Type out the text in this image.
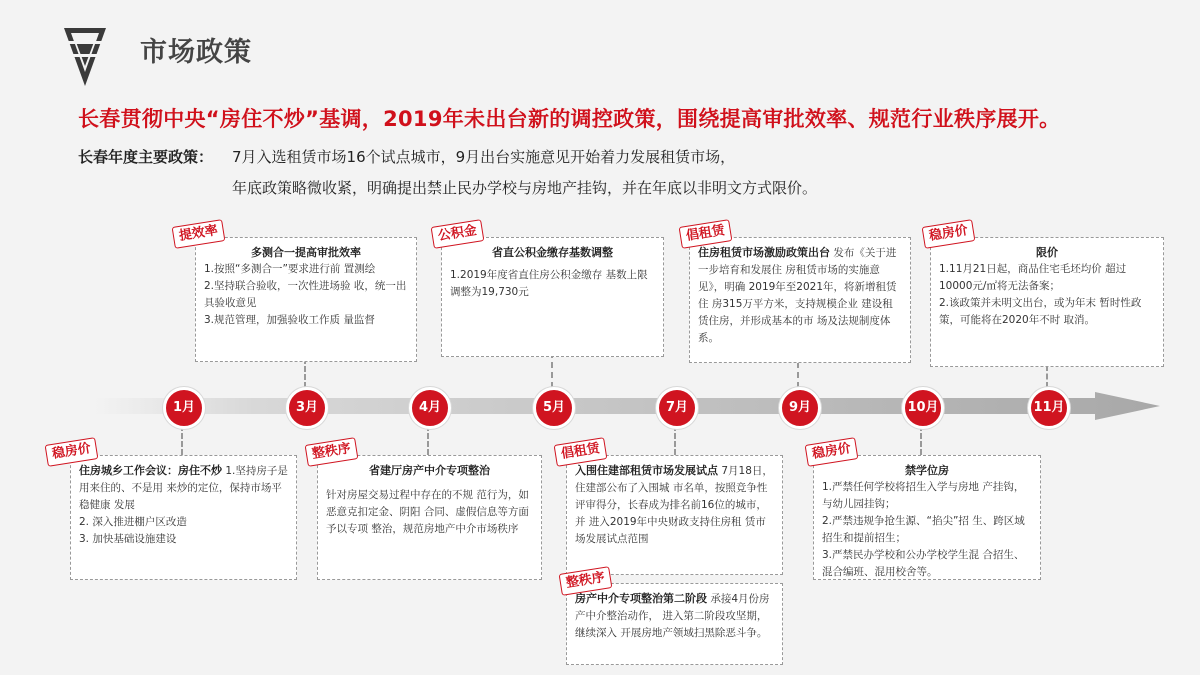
市场政策
长春贯彻中央“房住不炒”基调，2019年未出台新的调控政策，围绕提高审批效率、规范行业秩序展开。
长春年度主要政策： 7月入选租赁市场16个试点城市，9月出台实施意见开始着力发展租赁市场，
年底政策略微收紧，明确提出禁止民办学校与房地产挂钩，并在年底以非明文方式限价。
1月	3月	4月	5月	7月	9月	10月	11月
多测合一提高审批效率

1.按照“多测合一”要求进行前 置测绘

2.坚持联合验收，一次性进场验 收，统一出具验收意见

3.规范管理，加强验收工作质 量监督

提效率
省直公积金缴存基数调整

1.2019年度省直住房公积金缴存 基数上限调整为19,730元

公积金

住房租赁市场激励政策出台 发布《关于进一步培育和发展住 房租赁市场的实施意见》，明确 2019年至2021年，将新增租赁住 房315万平方米，支持规模企业 建设租赁住房，并形成基本的市 场及法规制度体系。

倡租赁
限价

1.11月21日起，商品住宅毛坯均价 超过10000元/㎡将无法备案；

2.该政策并未明文出台，或为年末 暂时性政策，可能将在2020年不时 取消。

稳房价

住房城乡工作会议：房住不炒 1.坚持房子是用来住的、不是用 来炒的定位，保持市场平稳健康 发展

2. 深入推进棚户区改造

3. 加快基础设施建设

稳房价
省建厅房产中介专项整治

针对房屋交易过程中存在的不规 范行为，如恶意克扣定金、阴阳 合同、虚假信息等方面予以专项 整治，规范房地产中介市场秩序

整秩序

入围住建部租赁市场发展试点 7月18日，住建部公布了入围城 市名单，按照竞争性评审得分，长春成为排名前16位的城市，并 进入2019年中央财政支持住房租 赁市场发展试点范围

倡租赁

房产中介专项整治第二阶段 承接4月份房产中介整治动作， 进入第二阶段攻坚期，继续深入 开展房地产领域扫黑除恶斗争。

整秩序
禁学位房

1.严禁任何学校将招生入学与房地 产挂钩，与幼儿园挂钩；

2.严禁违规争抢生源、“掐尖”招 生、跨区域招生和提前招生；

3.严禁民办学校和公办学校学生混 合招生、混合编班、混用校舍等。

稳房价
